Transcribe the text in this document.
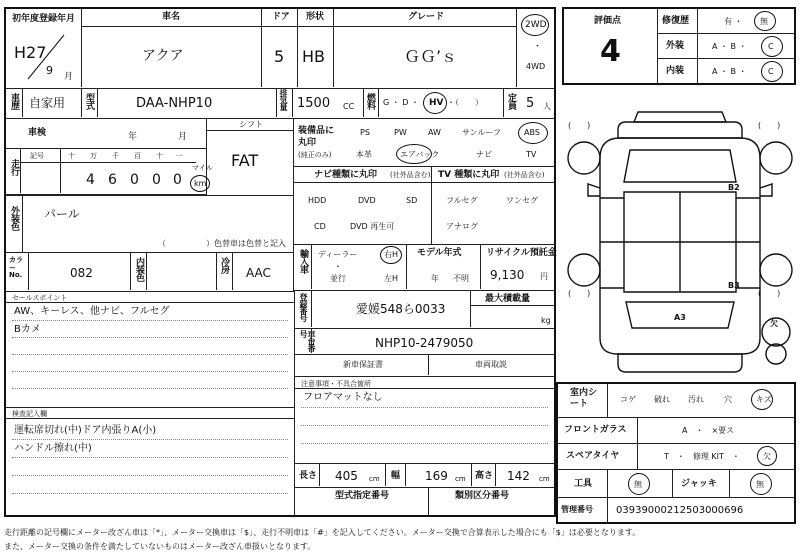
初年度登録年月
H27
9 月
車名
アクア
ドア
5
形状
HB
グレード
ＧＧ’ｓ
2WD
・
4WD
車歴 自家用 型式	DAA-NHP10	排気量 1500 CC 燃料 G ・ D ・ HV ・（　　）	定員 5 人
車検	年	月
シフト
FAT
走行
記号	十 万 千 百 十 一
4 6 0 0 0
マイル
km
外装色 パール
（　　　　　）色替車は色替と記入
カラーNo.	082	内装色	冷房 AAC
装備品に
丸印
(純正のみ)
PS	PW	AW	サンルーフ	ABS
本革	エアバック	ナビ	TV
ナビ種類に丸印 (社外品含む)
HDD	DVD	SD
CD	DVD 再生可
TV 種類に丸印 (社外品含む)
フルセグ	ワンセグ
アナログ
輸入車 ディーラー
・
並行
右H
左H
モデル年式
年 不明
リサイクル預託金
9,130 円
セールスポイント
AW、キーレス、他ナビ、フルセグ
Bカメ
登録番号	愛媛548ら0033
最大積載量
kg
車台番号
NHP10-2479050
新車保証書	車両取説
注意事項・不具合箇所
フロアマットなし
検査記入欄
運転席切れ(中)ドア内張りA(小)
ハンドル擦れ(中)
長さ 405 cm 幅 169 cm 高さ 142 cm
型式指定番号	類別区分番号
評価点
4
修復歴	有 ・ 無
外装	A ・ B ・	C
内装	A ・ B ・	C
(　　)	(　　)
(　　)	(　　)
B2
B3
A3
欠
室内シート	コゲ 破れ 汚れ	穴	キズ
フロントガラス	A　・　×要ス
スペアタイヤ	T　・　修理 KIT　・	欠
工具	無	ジャッキ	無
管理番号 03939000212503000696
走行距離の記号欄にメーター改ざん車は「*」、メーター交換車は「$」、走行不明車は「#」を記入してください。メーター交換で合算表示した場合にも「$」は必要となります。
また、メーター交換の条件を満たしていないものはメーター改ざん車扱いとなります。
